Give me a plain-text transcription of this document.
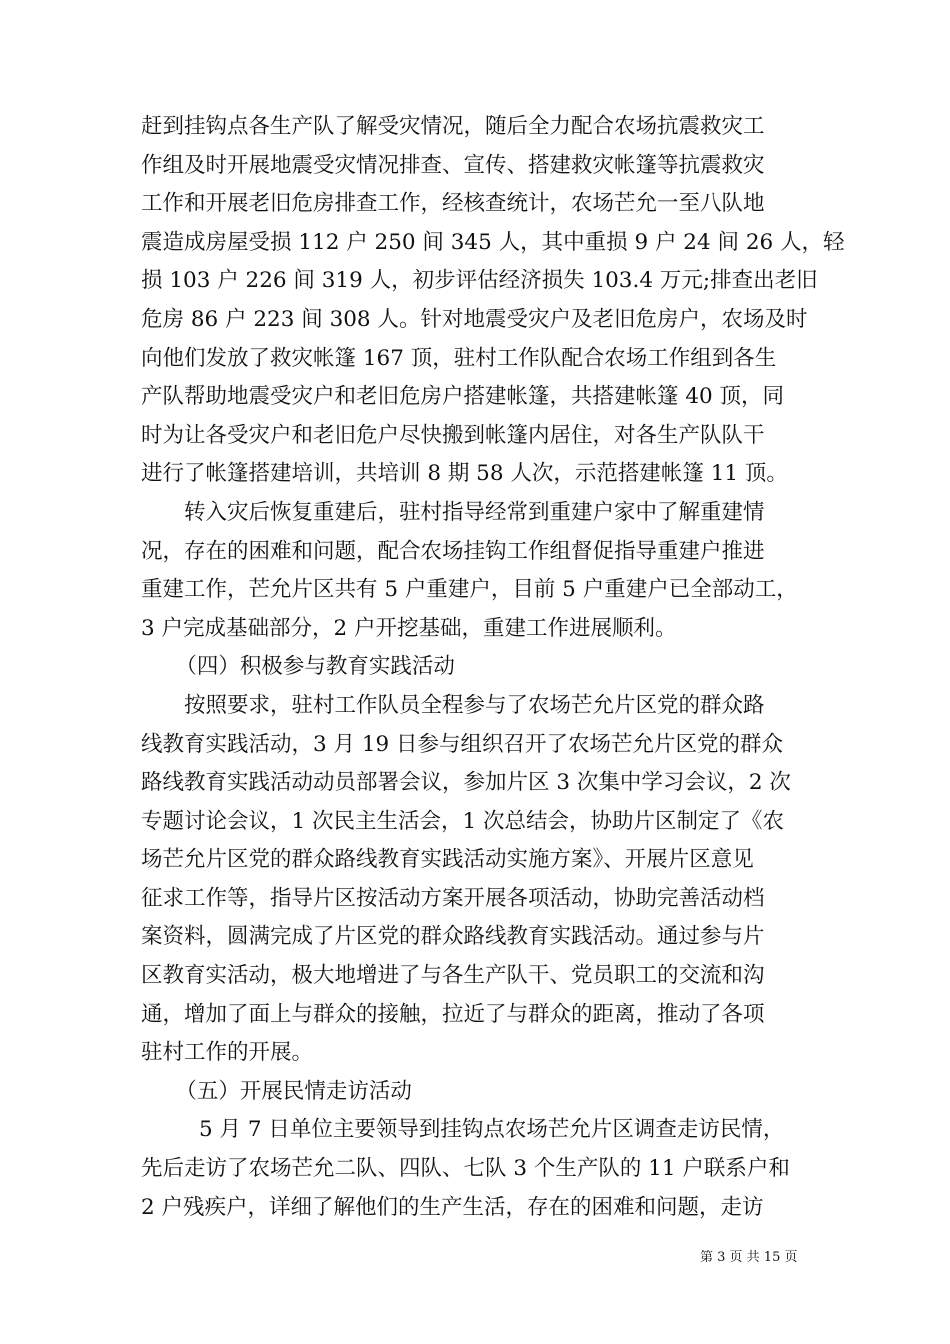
赶到挂钩点各生产队了解受灾情况，随后全力配合农场抗震救灾工
作组及时开展地震受灾情况排查、宣传、搭建救灾帐篷等抗震救灾
工作和开展老旧危房排查工作，经核查统计，农场芒允一至八队地
震造成房屋受损 112 户 250 间 345 人，其中重损 9 户 24 间 26 人，轻
损 103 户 226 间 319 人，初步评估经济损失 103.4 万元;排查出老旧
危房 86 户 223 间 308 人。针对地震受灾户及老旧危房户，农场及时
向他们发放了救灾帐篷 167 顶，驻村工作队配合农场工作组到各生
产队帮助地震受灾户和老旧危房户搭建帐篷，共搭建帐篷 40 顶，同
时为让各受灾户和老旧危户尽快搬到帐篷内居住，对各生产队队干
进行了帐篷搭建培训，共培训 8 期 58 人次，示范搭建帐篷 11 顶。
转入灾后恢复重建后，驻村指导经常到重建户家中了解重建情
况，存在的困难和问题，配合农场挂钩工作组督促指导重建户推进
重建工作，芒允片区共有 5 户重建户，目前 5 户重建户已全部动工，
3 户完成基础部分，2 户开挖基础，重建工作进展顺利。
（四）积极参与教育实践活动
按照要求，驻村工作队员全程参与了农场芒允片区党的群众路
线教育实践活动，3 月 19 日参与组织召开了农场芒允片区党的群众
路线教育实践活动动员部署会议，参加片区 3 次集中学习会议，2 次
专题讨论会议，1 次民主生活会，1 次总结会，协助片区制定了《农
场芒允片区党的群众路线教育实践活动实施方案》、开展片区意见
征求工作等，指导片区按活动方案开展各项活动，协助完善活动档
案资料，圆满完成了片区党的群众路线教育实践活动。通过参与片
区教育实活动，极大地增进了与各生产队干、党员职工的交流和沟
通，增加了面上与群众的接触，拉近了与群众的距离，推动了各项
驻村工作的开展。
（五）开展民情走访活动
5 月 7 日单位主要领导到挂钩点农场芒允片区调查走访民情，
先后走访了农场芒允二队、四队、七队 3 个生产队的 11 户联系户和
2 户残疾户，详细了解他们的生产生活，存在的困难和问题，走访
第 3 页 共 15 页
